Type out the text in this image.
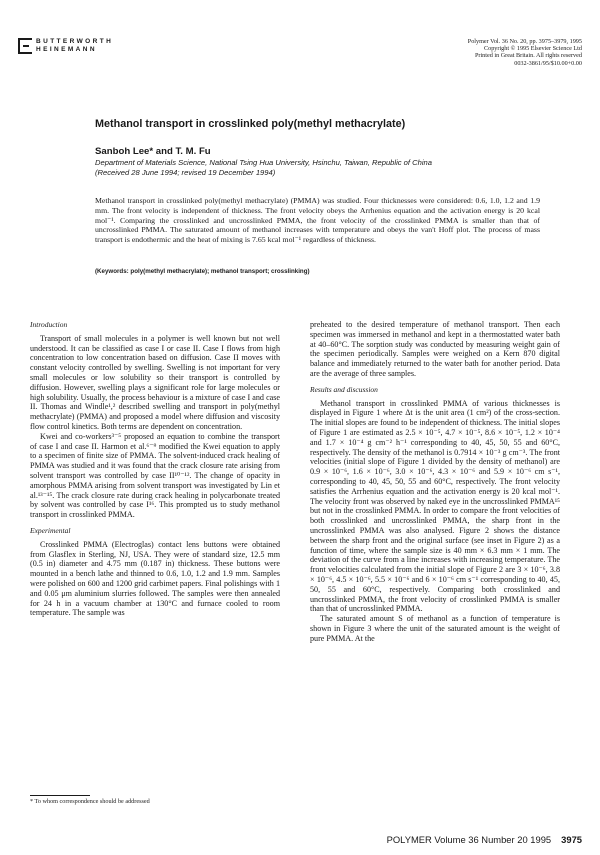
BUTTERWORTH
HEINEMANN
Polymer Vol. 36 No. 20, pp. 3975–3979, 1995
Copyright © 1995 Elsevier Science Ltd
Printed in Great Britain. All rights reserved
0032-3861/95/$10.00+0.00
Methanol transport in crosslinked poly(methyl methacrylate)
Sanboh Lee* and T. M. Fu
Department of Materials Science, National Tsing Hua University, Hsinchu, Taiwan, Republic of China
(Received 28 June 1994; revised 19 December 1994)
Methanol transport in crosslinked poly(methyl methacrylate) (PMMA) was studied. Four thicknesses were considered: 0.6, 1.0, 1.2 and 1.9 mm. The front velocity is independent of thickness. The front velocity obeys the Arrhenius equation and the activation energy is 20 kcal mol⁻¹. Comparing the crosslinked and uncrosslinked PMMA, the front velocity of the crosslinked PMMA is smaller than that of uncrosslinked PMMA. The saturated amount of methanol increases with temperature and obeys the van't Hoff plot. The process of mass transport is endothermic and the heat of mixing is 7.65 kcal mol⁻¹ regardless of thickness.
(Keywords: poly(methyl methacrylate); methanol transport; crosslinking)

Introduction

Transport of small molecules in a polymer is well known but not well understood. It can be classified as case I or case II. Case I flows from high concentration to low concentration based on diffusion. Case II moves with constant velocity controlled by swelling. Swelling is not important for very small molecules or low solubility so their transport is controlled by diffusion. However, swelling plays a significant role for large molecules or high solubility. Usually, the process behaviour is a mixture of case I and case II. Thomas and Windle¹,² described swelling and transport in poly(methyl methacrylate) (PMMA) and proposed a model where diffusion and viscosity flow control kinetics. Both terms are dependent on concentration.

Kwei and co-workers³⁻⁵ proposed an equation to combine the transport of case I and case II. Harmon et al.⁶⁻⁹ modified the Kwei equation to apply to a specimen of finite size of PMMA. The solvent-induced crack healing of PMMA was studied and it was found that the crack closure rate arising from solvent transport was controlled by case II¹⁰⁻¹². The change of opacity in amorphous PMMA arising from solvent transport was investigated by Lin et al.¹³⁻¹⁵. The crack closure rate during crack healing in polycarbonate treated by solvent was controlled by case I¹⁶. This prompted us to study methanol transport in crosslinked PMMA.

Experimental

Crosslinked PMMA (Electroglas) contact lens buttons were obtained from Glasflex in Sterling, NJ, USA. They were of standard size, 12.5 mm (0.5 in) diameter and 4.75 mm (0.187 in) thickness. These buttons were mounted in a bench lathe and thinned to 0.6, 1.0, 1.2 and 1.9 mm. Samples were polished on 600 and 1200 grid carbimet papers. Final polishings with 1 and 0.05 μm aluminium slurries followed. The samples were then annealed for 24 h in a vacuum chamber at 130°C and furnace cooled to room temperature. The sample was

preheated to the desired temperature of methanol transport. Then each specimen was immersed in methanol and kept in a thermostatted water bath at 40–60°C. The sorption study was conducted by measuring weight gain of the specimen periodically. Samples were weighed on a Kern 870 digital balance and immediately returned to the water bath for another period. Data are the average of three samples.

Results and discussion

Methanol transport in crosslinked PMMA of various thicknesses is displayed in Figure 1 where Δt is the unit area (1 cm²) of the cross-section. The initial slopes are found to be independent of thickness. The initial slopes of Figure 1 are estimated as 2.5 × 10⁻⁵, 4.7 × 10⁻⁵, 8.6 × 10⁻⁵, 1.2 × 10⁻⁴ and 1.7 × 10⁻⁴ g cm⁻² h⁻¹ corresponding to 40, 45, 50, 55 and 60°C, respectively. The density of the methanol is 0.7914 × 10⁻³ g cm⁻³. The front velocities (initial slope of Figure 1 divided by the density of methanol) are 0.9 × 10⁻⁶, 1.6 × 10⁻⁶, 3.0 × 10⁻⁶, 4.3 × 10⁻⁶ and 5.9 × 10⁻⁶ cm s⁻¹, corresponding to 40, 45, 50, 55 and 60°C, respectively. The front velocity satisfies the Arrhenius equation and the activation energy is 20 kcal mol⁻¹. The velocity front was observed by naked eye in the uncrosslinked PMMA¹⁵ but not in the crosslinked PMMA. In order to compare the front velocities of both crosslinked and uncrosslinked PMMA, the sharp front in the uncrosslinked PMMA was also analysed. Figure 2 shows the distance between the sharp front and the original surface (see inset in Figure 2) as a function of time, where the sample size is 40 mm × 6.3 mm × 1 mm. The deviation of the curve from a line increases with increasing temperature. The front velocities calculated from the initial slope of Figure 2 are 3 × 10⁻⁶, 3.8 × 10⁻⁶, 4.5 × 10⁻⁶, 5.5 × 10⁻⁶ and 6 × 10⁻⁶ cm s⁻¹ corresponding to 40, 45, 50, 55 and 60°C, respectively. Comparing both crosslinked and uncrosslinked PMMA, the front velocity of crosslinked PMMA is smaller than that of uncrosslinked PMMA.

The saturated amount S of methanol as a function of temperature is shown in Figure 3 where the unit of the saturated amount is the weight of pure PMMA. At the

* To whom correspondence should be addressed
POLYMER Volume 36 Number 20 1995 3975
